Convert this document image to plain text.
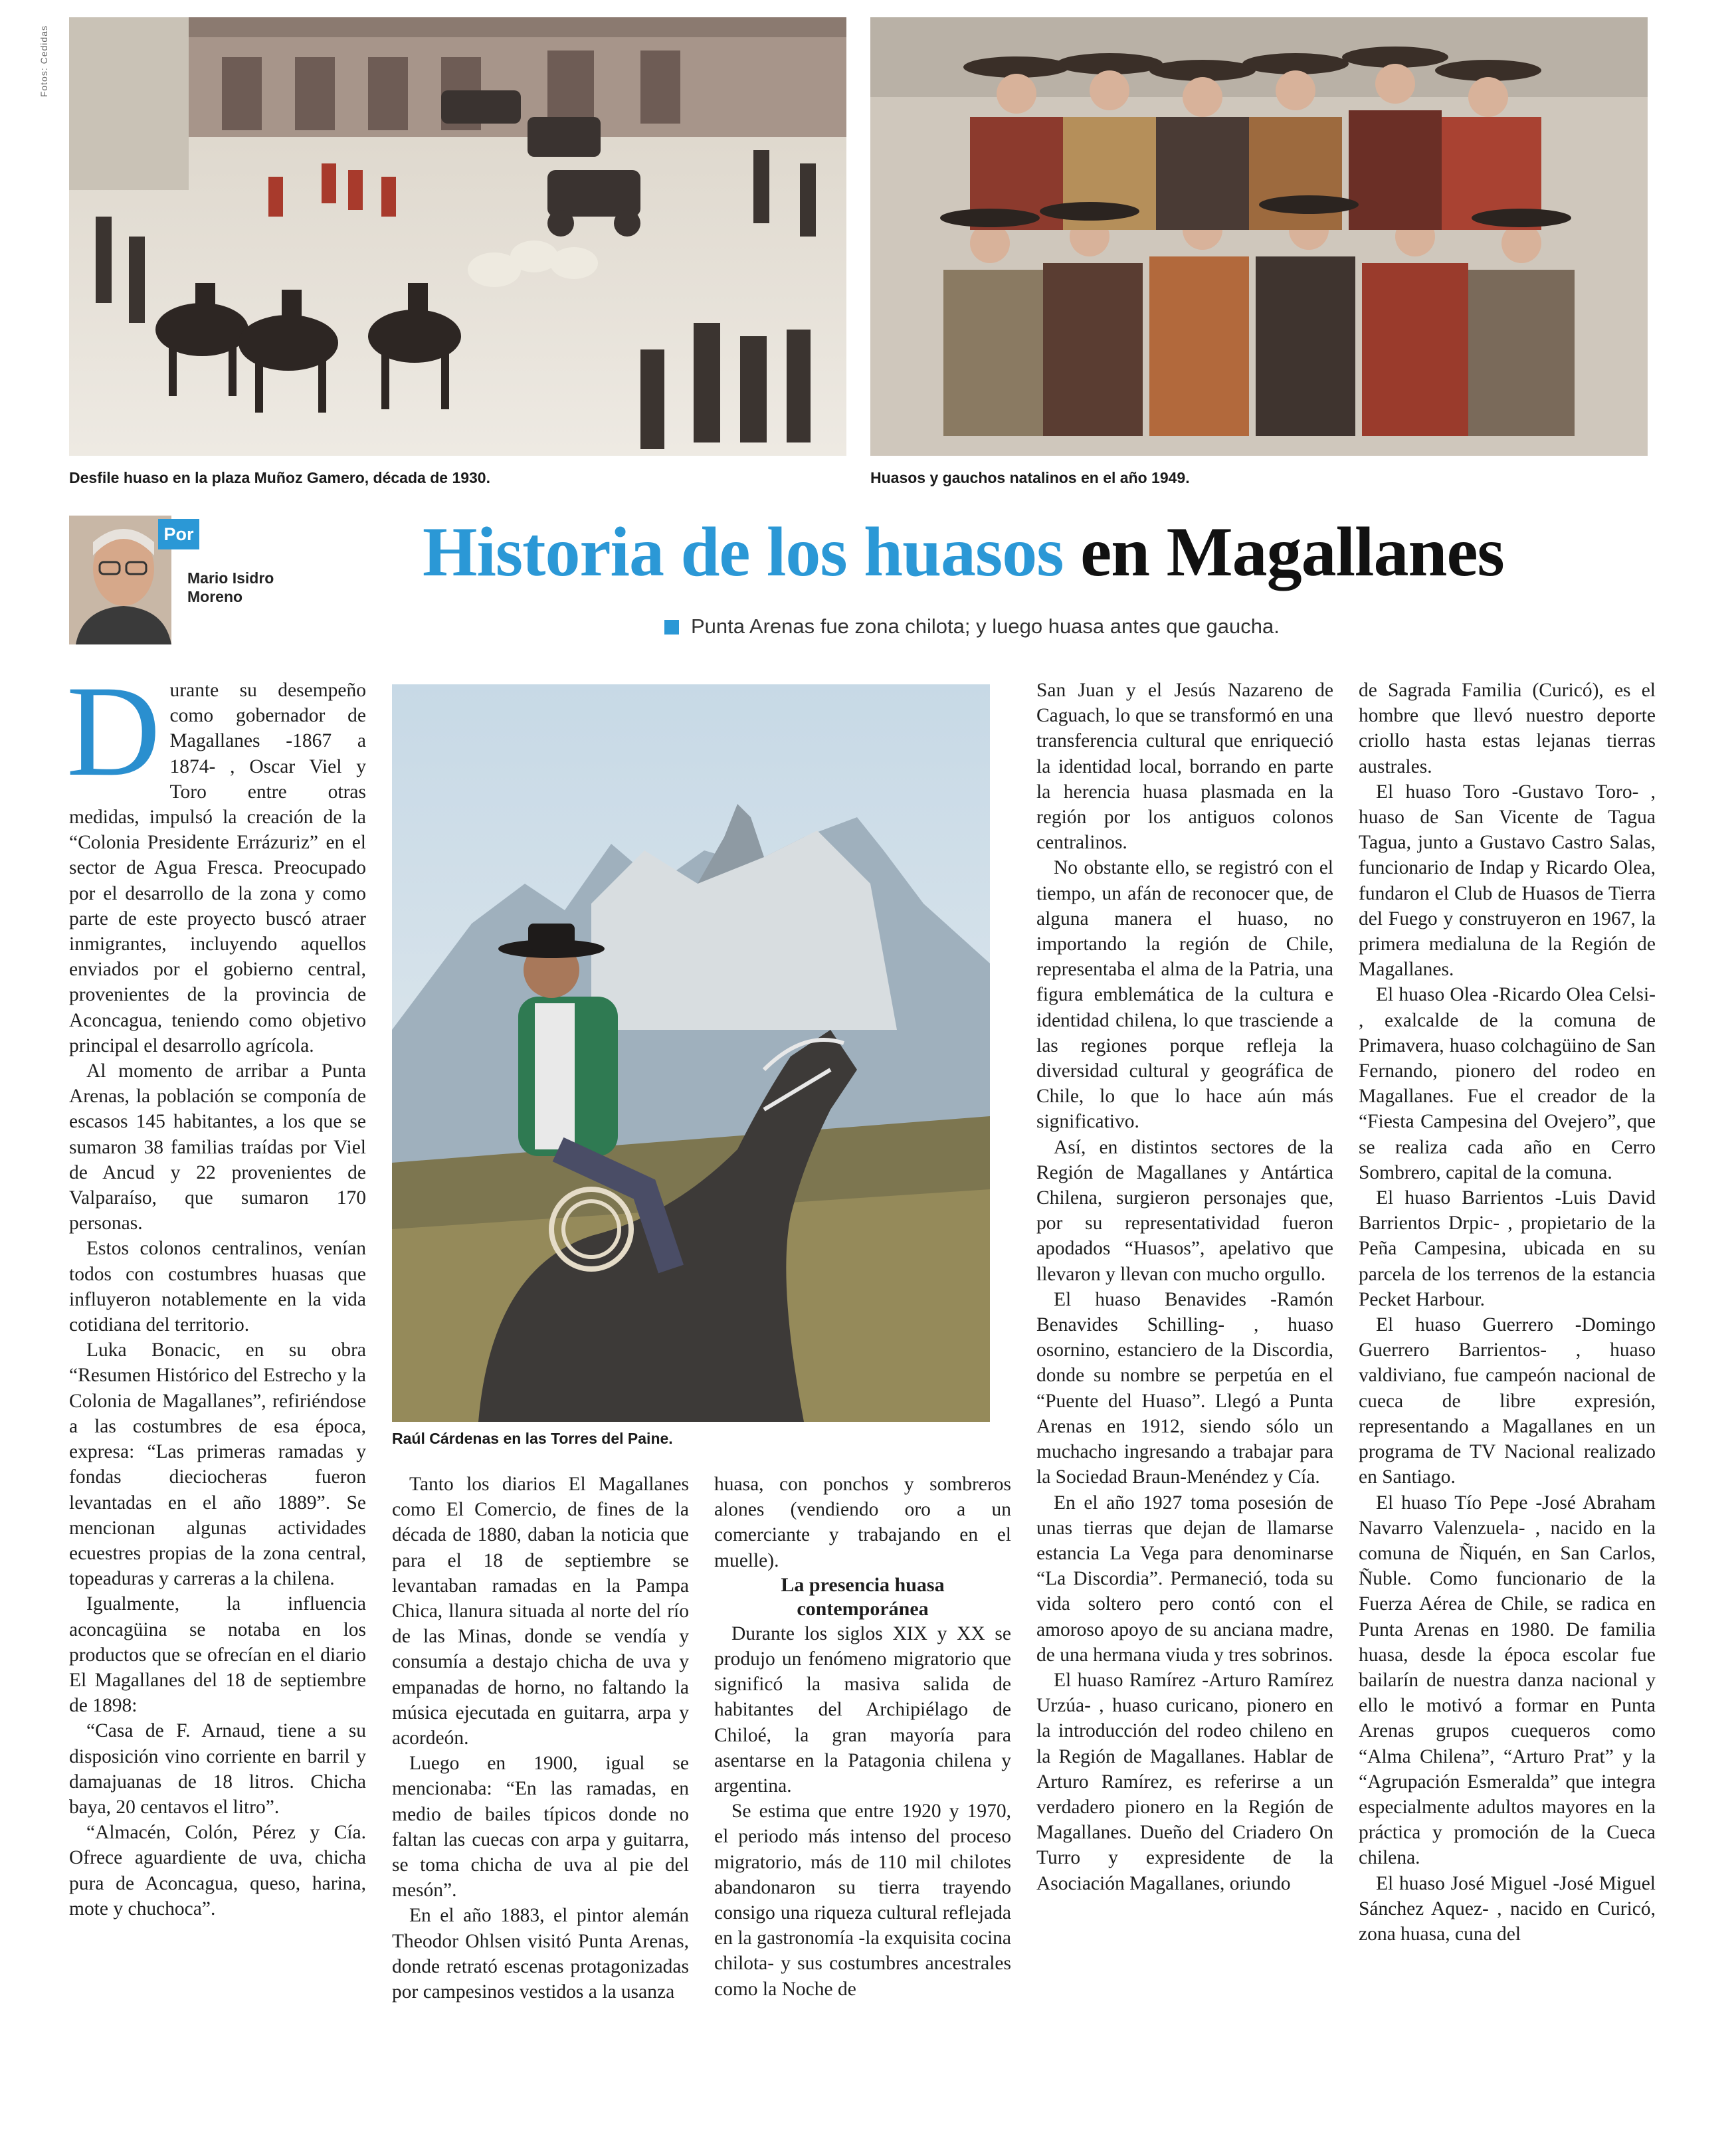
Fotos: Cedidas
Desfile huaso en la plaza Muñoz Gamero, década de 1930.	Huasos y gauchos natalinos en el año 1949.
Por
Mario Isidro
Moreno
Historia de los huasos en Magallanes
Punta Arenas fue zona chilota; y luego huasa antes que gaucha.
Raúl Cárdenas en las Torres del Paine.

Durante su desempeño como gobernador de Magallanes -1867 a 1874- , Oscar Viel y Toro entre otras medidas, impulsó la creación de la “Colonia Presidente Errázuriz” en el sector de Agua Fresca. Preocupado por el desarrollo de la zona y como parte de este proyecto buscó atraer inmigrantes, incluyendo aquellos enviados por el gobierno central, provenientes de la provincia de Aconcagua, teniendo como objetivo principal el desarrollo agrícola.

Al momento de arribar a Punta Arenas, la población se componía de escasos 145 habitantes, a los que se sumaron 38 familias traídas por Viel de Ancud y 22 provenientes de Valparaíso, que sumaron 170 personas.

Estos colonos centralinos, venían todos con costumbres huasas que influyeron notablemente en la vida cotidiana del territorio.

Luka Bonacic, en su obra “Resumen Histórico del Estrecho y la Colonia de Magallanes”, refiriéndose a las costumbres de esa época, expresa: “Las primeras ramadas y fondas dieciocheras fueron levantadas en el año 1889”. Se mencionan algunas actividades ecuestres propias de la zona central, topeaduras y carreras a la chilena.

Igualmente, la influencia aconcagüina se notaba en los productos que se ofrecían en el diario El Magallanes del 18 de septiembre de 1898:

“Casa de F. Arnaud, tiene a su disposición vino corriente en barril y damajuanas de 18 litros. Chicha baya, 20 centavos el litro”.

“Almacén, Colón, Pérez y Cía. Ofrece aguardiente de uva, chicha pura de Aconcagua, queso, harina, mote y chuchoca”.

Tanto los diarios El Magallanes como El Comercio, de fines de la década de 1880, daban la noticia que para el 18 de septiembre se levantaban ramadas en la Pampa Chica, llanura situada al norte del río de las Minas, donde se vendía y consumía a destajo chicha de uva y empanadas de horno, no faltando la música ejecutada en guitarra, arpa y acordeón.

Luego en 1900, igual se mencionaba: “En las ramadas, en medio de bailes típicos donde no faltan las cuecas con arpa y guitarra, se toma chicha de uva al pie del mesón”.

En el año 1883, el pintor alemán Theodor Ohlsen visitó Punta Arenas, donde retrató escenas protagonizadas por campesinos vestidos a la usanza

huasa, con ponchos y sombreros alones (vendiendo oro a un comerciante y trabajando en el muelle).

La presencia huasa contemporánea

Durante los siglos XIX y XX se produjo un fenómeno migratorio que significó la masiva salida de habitantes del Archipiélago de Chiloé, la gran mayoría para asentarse en la Patagonia chilena y argentina.

Se estima que entre 1920 y 1970, el periodo más intenso del proceso migratorio, más de 110 mil chilotes abandonaron su tierra trayendo consigo una riqueza cultural reflejada en la gastronomía -la exquisita cocina chilota- y sus costumbres ancestrales como la Noche de

San Juan y el Jesús Nazareno de Caguach, lo que se transformó en una transferencia cultural que enriqueció la identidad local, borrando en parte la herencia huasa plasmada en la región por los antiguos colonos centralinos.

No obstante ello, se registró con el tiempo, un afán de reconocer que, de alguna manera el huaso, no importando la región de Chile, representaba el alma de la Patria, una figura emblemática de la cultura e identidad chilena, lo que trasciende a las regiones porque refleja la diversidad cultural y geográfica de Chile, lo que lo hace aún más significativo.

Así, en distintos sectores de la Región de Magallanes y Antártica Chilena, surgieron personajes que, por su representatividad fueron apodados “Huasos”, apelativo que llevaron y llevan con mucho orgullo.

El huaso Benavides -Ramón Benavides Schilling- , huaso osornino, estanciero de la Discordia, donde su nombre se perpetúa en el “Puente del Huaso”. Llegó a Punta Arenas en 1912, siendo sólo un muchacho ingresando a trabajar para la Sociedad Braun-Menéndez y Cía.

En el año 1927 toma posesión de unas tierras que dejan de llamarse estancia La Vega para denominarse “La Discordia”. Permaneció, toda su vida soltero pero contó con el amoroso apoyo de su anciana madre, de una hermana viuda y tres sobrinos.

El huaso Ramírez -Arturo Ramírez Urzúa- , huaso curicano, pionero en la introducción del rodeo chileno en la Región de Magallanes. Hablar de Arturo Ramírez, es referirse a un verdadero pionero en la Región de Magallanes. Dueño del Criadero On Turro y expresidente de la Asociación Magallanes, oriundo

de Sagrada Familia (Curicó), es el hombre que llevó nuestro deporte criollo hasta estas lejanas tierras australes.

El huaso Toro -Gustavo Toro- , huaso de San Vicente de Tagua Tagua, junto a Gustavo Castro Salas, funcionario de Indap y Ricardo Olea, fundaron el Club de Huasos de Tierra del Fuego y construyeron en 1967, la primera medialuna de la Región de Magallanes.

El huaso Olea -Ricardo Olea Celsi- , exalcalde de la comuna de Primavera, huaso colchagüino de San Fernando, pionero del rodeo en Magallanes. Fue el creador de la “Fiesta Campesina del Ovejero”, que se realiza cada año en Cerro Sombrero, capital de la comuna.

El huaso Barrientos -Luis David Barrientos Drpic- , propietario de la Peña Campesina, ubicada en su parcela de los terrenos de la estancia Pecket Harbour.

El huaso Guerrero -Domingo Guerrero Barrientos- , huaso valdiviano, fue campeón nacional de cueca de libre expresión, representando a Magallanes en un programa de TV Nacional realizado en Santiago.

El huaso Tío Pepe -José Abraham Navarro Valenzuela- , nacido en la comuna de Ñiquén, en San Carlos, Ñuble. Como funcionario de la Fuerza Aérea de Chile, se radica en Punta Arenas en 1980. De familia huasa, desde la época escolar fue bailarín de nuestra danza nacional y ello le motivó a formar en Punta Arenas grupos cuequeros como “Alma Chilena”, “Arturo Prat” y la “Agrupación Esmeralda” que integra especialmente adultos mayores en la práctica y promoción de la Cueca chilena.

El huaso José Miguel -José Miguel Sánchez Aquez- , nacido en Curicó, zona huasa, cuna del
